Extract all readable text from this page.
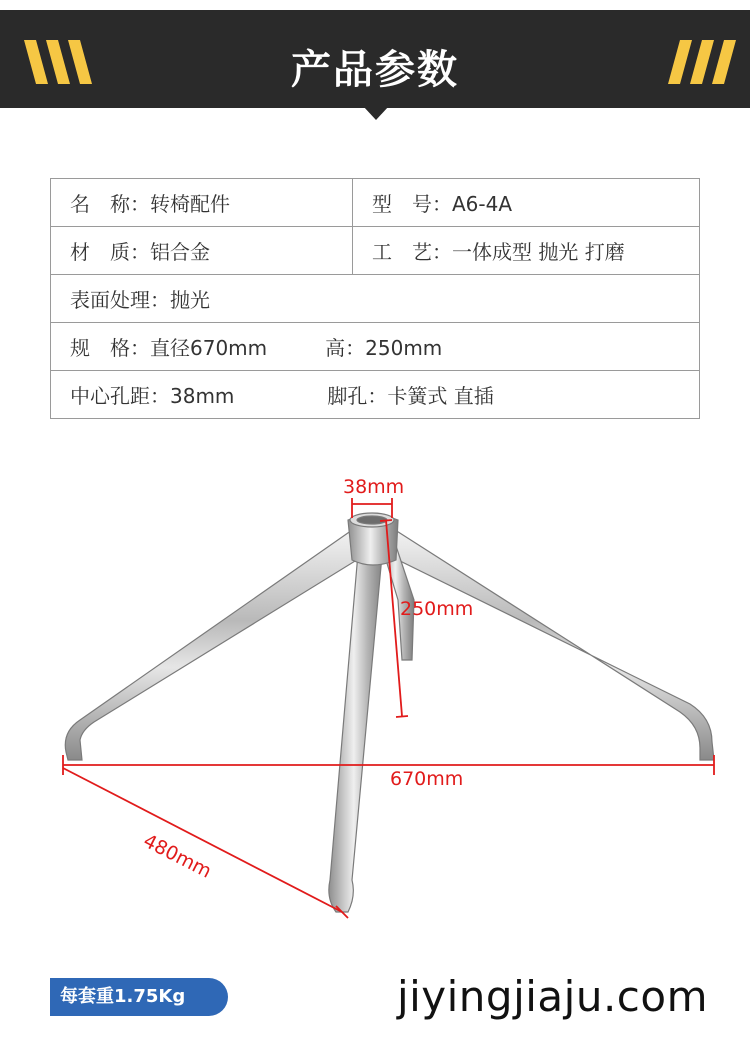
产品参数
名　称：转椅配件	型　号：A6-4A
材　质：铝合金	工　艺：一体成型 抛光 打磨
表面处理：抛光	
规　格：直径670mm 高：250mm	
中心孔距：38mm 脚孔：卡簧式 直插	
38mm
250mm
670mm
480mm
每套重1.75Kg	jiyingjiaju.com
